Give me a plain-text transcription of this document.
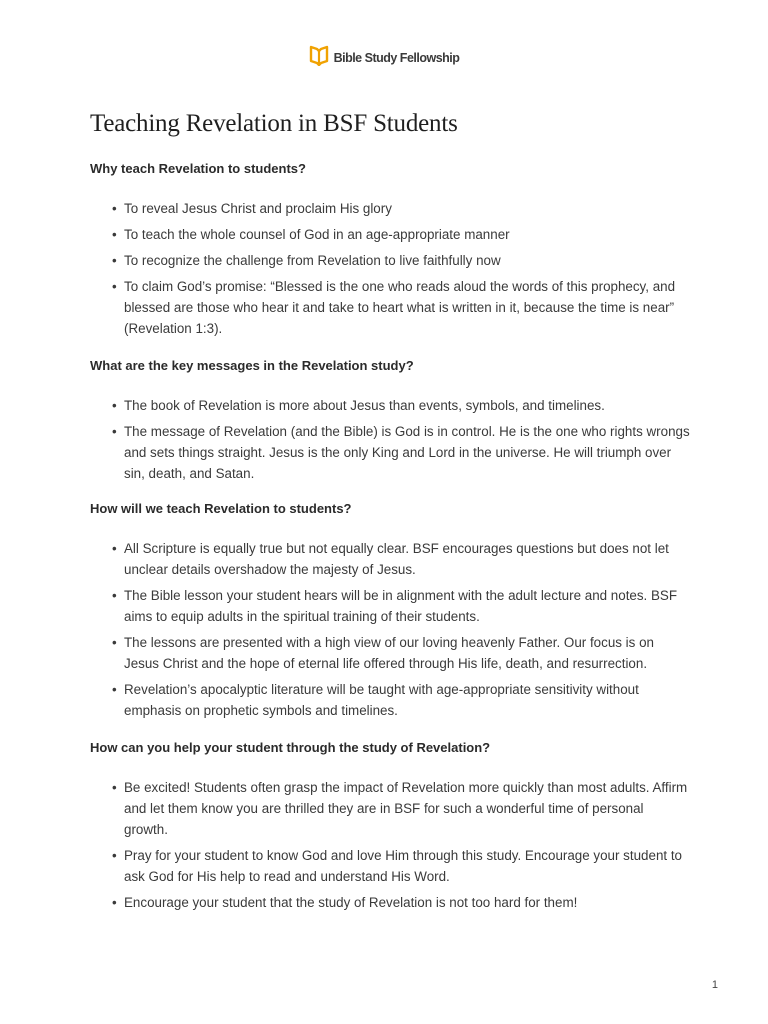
Bible Study Fellowship
Teaching Revelation in BSF Students
Why teach Revelation to students?
• To reveal Jesus Christ and proclaim His glory
• To teach the whole counsel of God in an age-appropriate manner
• To recognize the challenge from Revelation to live faithfully now
• To claim God’s promise: “Blessed is the one who reads aloud the words of this prophecy, and blessed are those who hear it and take to heart what is written in it, because the time is near” (Revelation 1:3).
What are the key messages in the Revelation study?
• The book of Revelation is more about Jesus than events, symbols, and timelines.
• The message of Revelation (and the Bible) is God is in control. He is the one who rights wrongs and sets things straight. Jesus is the only King and Lord in the universe. He will triumph over sin, death, and Satan.
How will we teach Revelation to students?
• All Scripture is equally true but not equally clear. BSF encourages questions but does not let unclear details overshadow the majesty of Jesus.
• The Bible lesson your student hears will be in alignment with the adult lecture and notes. BSF aims to equip adults in the spiritual training of their students.
• The lessons are presented with a high view of our loving heavenly Father. Our focus is on Jesus Christ and the hope of eternal life offered through His life, death, and resurrection.
• Revelation’s apocalyptic literature will be taught with age-appropriate sensitivity without emphasis on prophetic symbols and timelines.
How can you help your student through the study of Revelation?
• Be excited! Students often grasp the impact of Revelation more quickly than most adults. Affirm and let them know you are thrilled they are in BSF for such a wonderful time of personal growth.
• Pray for your student to know God and love Him through this study. Encourage your student to ask God for His help to read and understand His Word.
• Encourage your student that the study of Revelation is not too hard for them!
1
